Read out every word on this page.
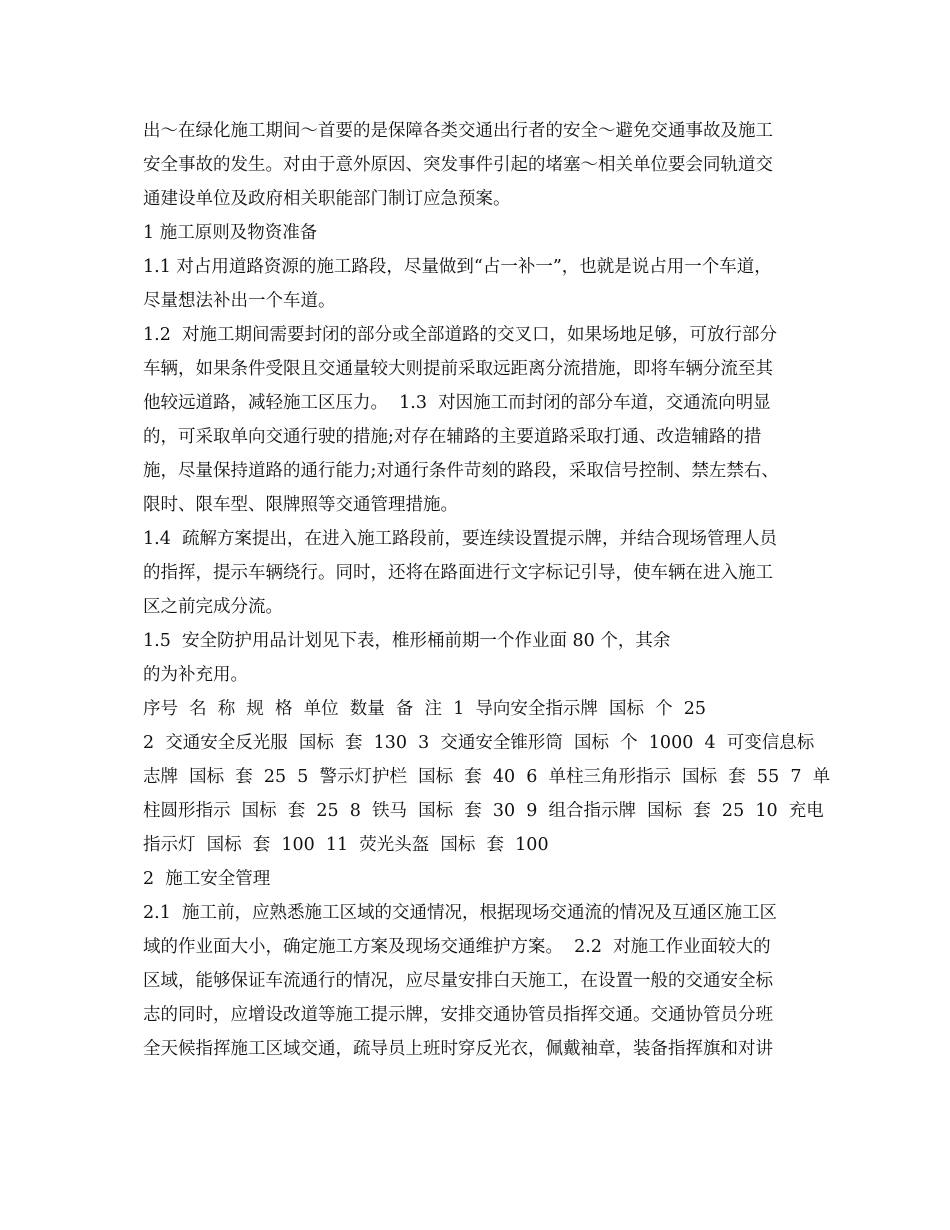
出～在绿化施工期间～首要的是保障各类交通出行者的安全～避免交通事故及施工
安全事故的发生。对由于意外原因、突发事件引起的堵塞～相关单位要会同轨道交
通建设单位及政府相关职能部门制订应急预案。
1 施工原则及物资准备
1.1 对占用道路资源的施工路段，尽量做到“占一补一”，也就是说占用一个车道，
尽量想法补出一个车道。
1.2  对施工期间需要封闭的部分或全部道路的交叉口，如果场地足够，可放行部分
车辆，如果条件受限且交通量较大则提前采取远距离分流措施，即将车辆分流至其
他较远道路，减轻施工区压力。  1.3  对因施工而封闭的部分车道，交通流向明显
的，可采取单向交通行驶的措施;对存在辅路的主要道路采取打通、改造辅路的措
施，尽量保持道路的通行能力;对通行条件苛刻的路段，采取信号控制、禁左禁右、
限时、限车型、限牌照等交通管理措施。
1.4  疏解方案提出，在进入施工路段前，要连续设置提示牌，并结合现场管理人员
的指挥，提示车辆绕行。同时，还将在路面进行文字标记引导，使车辆在进入施工
区之前完成分流。
1.5  安全防护用品计划见下表，椎形桶前期一个作业面 80 个，其余
的为补充用。
序号  名  称  规  格  单位  数量  备  注  1  导向安全指示牌  国标  个  25
2  交通安全反光服  国标  套  130  3  交通安全锥形筒  国标  个  1000  4  可变信息标
志牌  国标  套  25  5  警示灯护栏  国标  套  40  6  单柱三角形指示  国标  套  55  7  单
柱圆形指示  国标  套  25  8  铁马  国标  套  30  9  组合指示牌  国标  套  25  10  充电
指示灯  国标  套  100  11  荧光头盔  国标  套  100
2  施工安全管理
2.1  施工前，应熟悉施工区域的交通情况，根据现场交通流的情况及互通区施工区
域的作业面大小，确定施工方案及现场交通维护方案。  2.2  对施工作业面较大的
区域，能够保证车流通行的情况，应尽量安排白天施工，在设置一般的交通安全标
志的同时，应增设改道等施工提示牌，安排交通协管员指挥交通。交通协管员分班
全天候指挥施工区域交通，疏导员上班时穿反光衣，佩戴袖章，装备指挥旗和对讲
